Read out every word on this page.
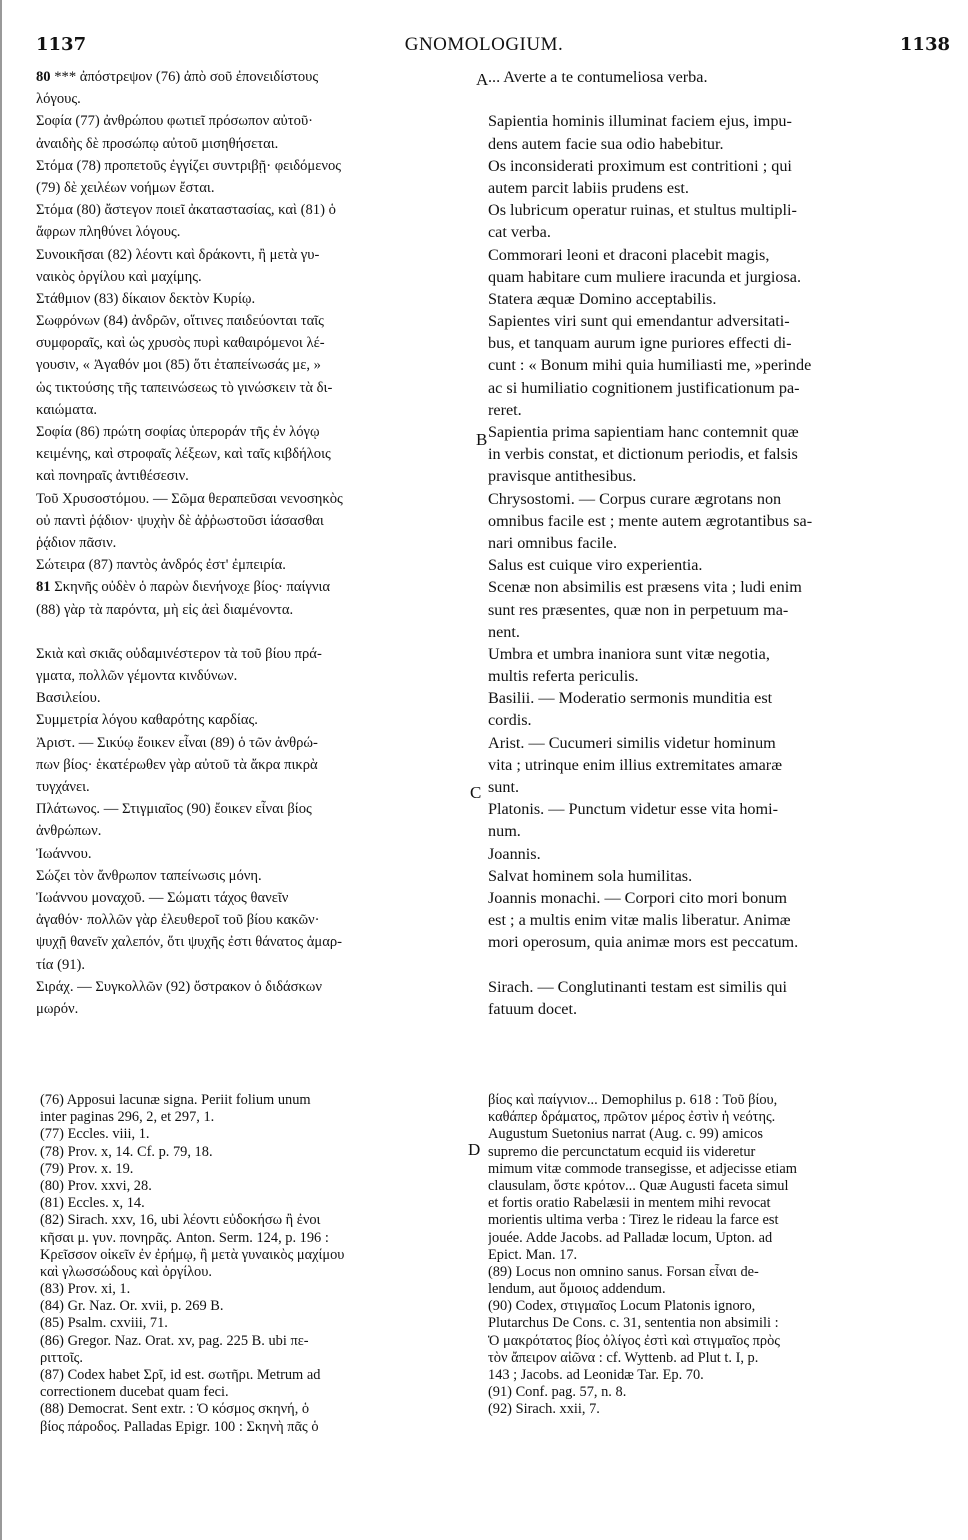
1137	GNOMOLOGIUM.	1138
80 *** ἀπόστρεψον (76) ἀπὸ σοῦ ἐπονειδίστους
λόγους.
Σοφία (77) ἀνθρώπου φωτιεῖ πρόσωπον αὐτοῦ·
ἀναιδὴς δὲ προσώπῳ αὐτοῦ μισηθήσεται.
Στόμα (78) προπετοῦς ἐγγίζει συντριβῇ· φειδόμενος
(79) δὲ χειλέων νοήμων ἔσται.
Στόμα (80) ἄστεγον ποιεῖ ἀκαταστασίας, καὶ (81) ὁ
ἄφρων πληθύνει λόγους.
Συνοικῆσαι (82) λέοντι καὶ δράκοντι, ἢ μετὰ γυ-
ναικὸς ὀργίλου καὶ μαχίμης.
Στάθμιον (83) δίκαιον δεκτὸν Κυρίῳ.
Σωφρόνων (84) ἀνδρῶν, οἵτινες παιδεύονται ταῖς
συμφοραῖς, καὶ ὡς χρυσὸς πυρὶ καθαιρόμενοι λέ-
γουσιν, « Ἀγαθόν μοι (85) ὅτι ἐταπείνωσάς με, »
ὡς τικτούσης τῆς ταπεινώσεως τὸ γινώσκειν τὰ δι-
καιώματα.
Σοφία (86) πρώτη σοφίας ὑπεροράν τῆς ἐν λόγῳ
κειμένης, καὶ στροφαῖς λέξεων, καὶ ταῖς κιβδήλοις
καὶ πονηραῖς ἀντιθέσεσιν.
Τοῦ Χρυσοστόμου. — Σῶμα θεραπεῦσαι νενοσηκὸς
οὐ παντὶ ῥᾴδιον· ψυχὴν δὲ ἀῤῥωστοῦσι ἰάσασθαι
ῥᾴδιον πᾶσιν.
Σώτειρα (87) παντὸς ἀνδρός ἐστ' ἐμπειρία.
81 Σκηνῆς οὐδὲν ὁ παρὼν διενήνοχε βίος· παίγνια
(88) γὰρ τὰ παρόντα, μὴ εἰς ἀεὶ διαμένοντα.
Σκιὰ καὶ σκιᾶς οὐδαμινέστερον τὰ τοῦ βίου πρά-
γματα, πολλῶν γέμοντα κινδύνων.
Βασιλείου.
Συμμετρία λόγου καθαρότης καρδίας.
Ἀριστ. — Σικύῳ ἔοικεν εἶναι (89) ὁ τῶν ἀνθρώ-
πων βίος· ἑκατέρωθεν γὰρ αὐτοῦ τὰ ἄκρα πικρὰ
τυγχάνει.
Πλάτωνος. — Στιγμιαῖος (90) ἔοικεν εἶναι βίος
ἀνθρώπων.
Ἰωάννου.
Σώζει τὸν ἄνθρωπον ταπείνωσις μόνη.
Ἰωάννου μοναχοῦ. — Σώματι τάχος θανεῖν
ἀγαθόν· πολλῶν γὰρ ἐλευθεροῖ τοῦ βίου κακῶν·
ψυχῇ θανεῖν χαλεπόν, ὅτι ψυχῆς ἐστι θάνατος ἁμαρ-
τία (91).
Σιράχ. — Συγκολλῶν (92) ὄστρακον ὁ διδάσκων
μωρόν.
... Averte a te contumeliosa verba.
Sapientia hominis illuminat faciem ejus, impu-
dens autem facie sua odio habebitur.
Os inconsiderati proximum est contritioni ; qui
autem parcit labiis prudens est.
Os lubricum operatur ruinas, et stultus multipli-
cat verba.
Commorari leoni et draconi placebit magis,
quam habitare cum muliere iracunda et jurgiosa.
Statera æquæ Domino acceptabilis.
Sapientes viri sunt qui emendantur adversitati-
bus, et tanquam aurum igne puriores effecti di-
cunt : « Bonum mihi quia humiliasti me, »perinde
ac si humiliatio cognitionem justificationum pa-
reret.
Sapientia prima sapientiam hanc contemnit quæ
in verbis constat, et dictionum periodis, et falsis
pravisque antithesibus.
Chrysostomi. — Corpus curare ægrotans non
omnibus facile est ; mente autem ægrotantibus sa-
nari omnibus facile.
Salus est cuique viro experientia.
Scenæ non absimilis est præsens vita ; ludi enim
sunt res præsentes, quæ non in perpetuum ma-
nent.
Umbra et umbra inaniora sunt vitæ negotia,
multis referta periculis.
Basilii. — Moderatio sermonis munditia est
cordis.
Arist. — Cucumeri similis videtur hominum
vita ; utrinque enim illius extremitates amaræ
sunt.
Platonis. — Punctum videtur esse vita homi-
num.
Joannis.
Salvat hominem sola humilitas.
Joannis monachi. — Corpori cito mori bonum
est ; a multis enim vitæ malis liberatur. Animæ
mori operosum, quia animæ mors est peccatum.
Sirach. — Conglutinanti testam est similis qui
fatuum docet.
A
B
C
D
(76) Apposui lacunæ signa. Periit folium unum
inter paginas 296, 2, et 297, 1.
(77) Eccles. viii, 1.
(78) Prov. x, 14. Cf. p. 79, 18.
(79) Prov. x. 19.
(80) Prov. xxvi, 28.
(81) Eccles. x, 14.
(82) Sirach. xxv, 16, ubi λέοντι εὐδοκήσω ἢ ἐνοι
κῆσαι μ. γυν. πονηρᾶς. Anton. Serm. 124, p. 196 :
Κρεῖσσον οἰκεῖν ἐν ἐρήμῳ, ἢ μετὰ γυναικὸς μαχίμου
καὶ γλωσσώδους καὶ ὀργίλου.
(83) Prov. xi, 1.
(84) Gr. Naz. Or. xvii, p. 269 B.
(85) Psalm. cxviii, 71.
(86) Gregor. Naz. Orat. xv, pag. 225 B. ubi πε-
ριττοῖς.
(87) Codex habet Σρῖ, id est. σωτῆρι. Metrum ad
correctionem ducebat quam feci.
(88) Democrat. Sent extr. : Ὁ κόσμος σκηνή, ὁ
βίος πάροδος. Palladas Epigr. 100 : Σκηνὴ πᾶς ὁ
βίος καὶ παίγνιον... Demophilus p. 618 : Τοῦ βίου,
καθάπερ δράματος, πρῶτον μέρος ἐστὶν ἡ νεότης.
Augustum Suetonius narrat (Aug. c. 99) amicos
supremo die percunctatum ecquid iis videretur
mimum vitæ commode transegisse, et adjecisse etiam
clausulam, ὅστε κρότον... Quæ Augusti faceta simul
et fortis oratio Rabelæsii in mentem mihi revocat
morientis ultima verba : Tirez le rideau la farce est
jouée. Adde Jacobs. ad Palladæ locum, Upton. ad
Epict. Man. 17.
(89) Locus non omnino sanus. Forsan εἶναι de-
lendum, aut ὅμοιος addendum.
(90) Codex, στιγμαῖος Locum Platonis ignoro,
Plutarchus De Cons. c. 31, sententia non absimili :
Ὁ μακρότατος βίος ὀλίγος ἐστὶ καὶ στιγμαῖος πρὸς
τὸν ἄπειρον αἰῶνα : cf. Wyttenb. ad Plut t. I, p.
143 ; Jacobs. ad Leonidæ Tar. Ep. 70.
(91) Conf. pag. 57, n. 8.
(92) Sirach. xxii, 7.
